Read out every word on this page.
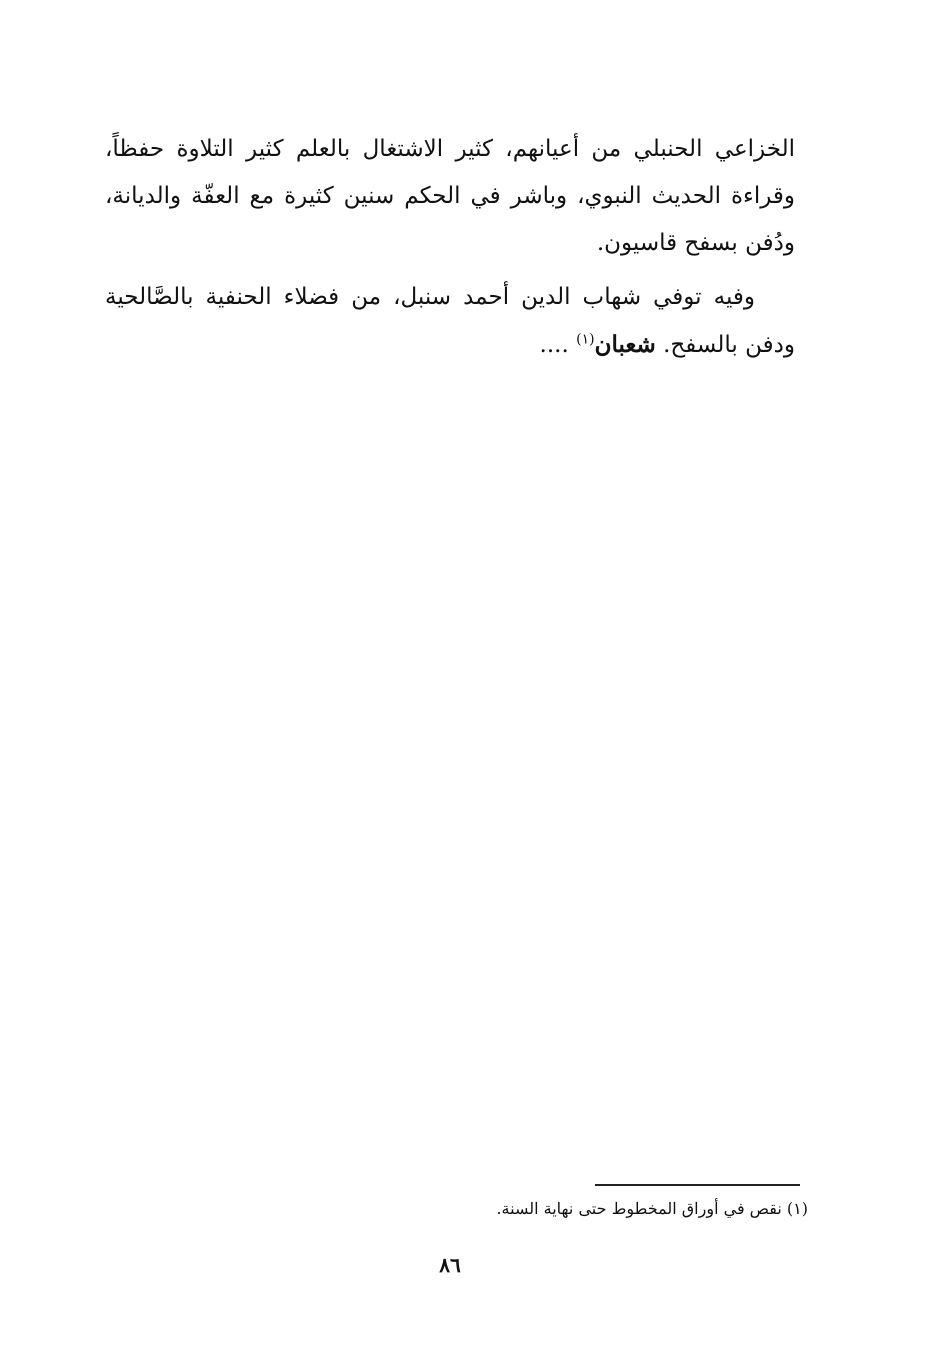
الخزاعي الحنبلي من أعيانهم، كثير الاشتغال بالعلم كثير التلاوة حفظاً، وقراءة الحديث النبوي، وباشر في الحكم سنين كثيرة مع العفّة والديانة، ودُفن بسفح قاسيون.

وفيه توفي شهاب الدين أحمد سنبل، من فضلاء الحنفية بالصَّالحية ودفن بالسفح. شعبان$^{(١)}$ ....

(١) نقص في أوراق المخطوط حتى نهاية السنة.
٨٦
